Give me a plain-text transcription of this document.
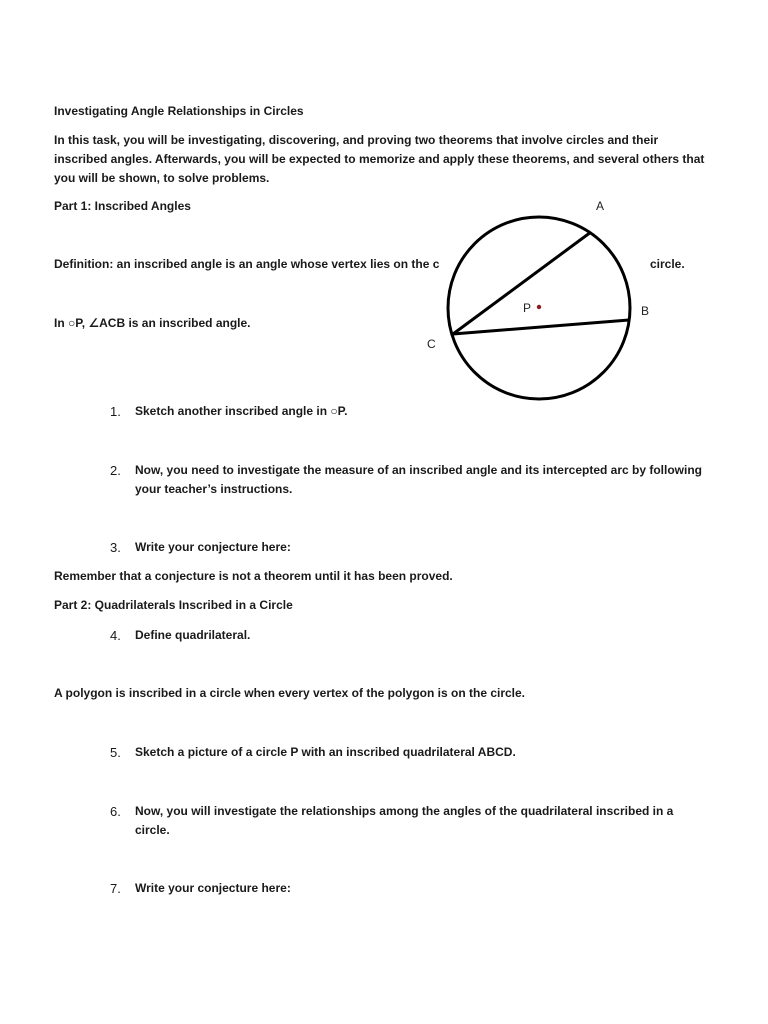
Investigating Angle Relationships in Circles
In this task, you will be investigating, discovering, and proving two theorems that involve circles and their inscribed angles. Afterwards, you will be expected to memorize and apply these theorems, and several others that you will be shown, to solve problems.
Part 1: Inscribed Angles
Definition: an inscribed angle is an angle whose vertex lies on the c	circle.
In ○P, ∠ACB is an inscribed angle.
A
B
C
P
1.	Sketch another inscribed angle in ○P.
2.	Now, you need to investigate the measure of an inscribed angle and its intercepted arc by following your teacher’s instructions.
3.	Write your conjecture here:
Remember that a conjecture is not a theorem until it has been proved.
Part 2: Quadrilaterals Inscribed in a Circle
4.	Define quadrilateral.
A polygon is inscribed in a circle when every vertex of the polygon is on the circle.
5.	Sketch a picture of a circle P with an inscribed quadrilateral ABCD.
6.	Now, you will investigate the relationships among the angles of the quadrilateral inscribed in a circle.
7.	Write your conjecture here:
